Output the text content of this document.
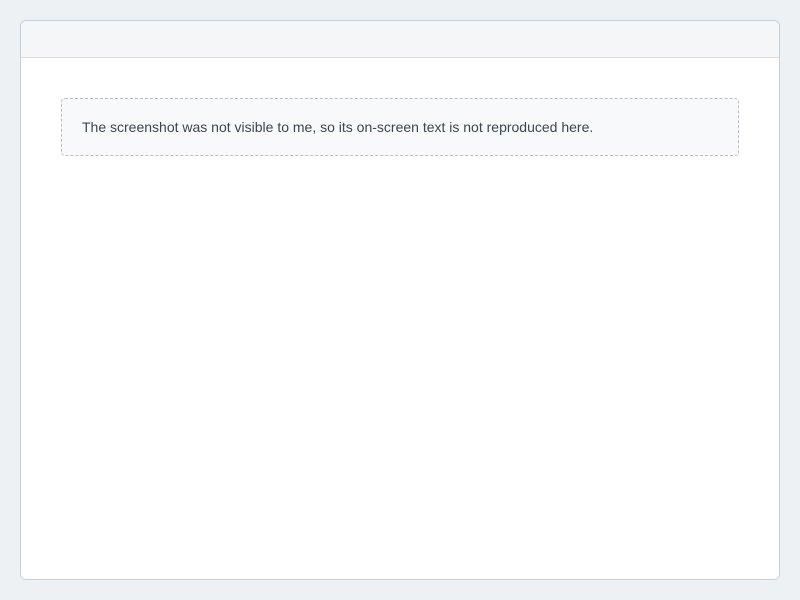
The screenshot was not visible to me, so its on-screen text is not reproduced here.
